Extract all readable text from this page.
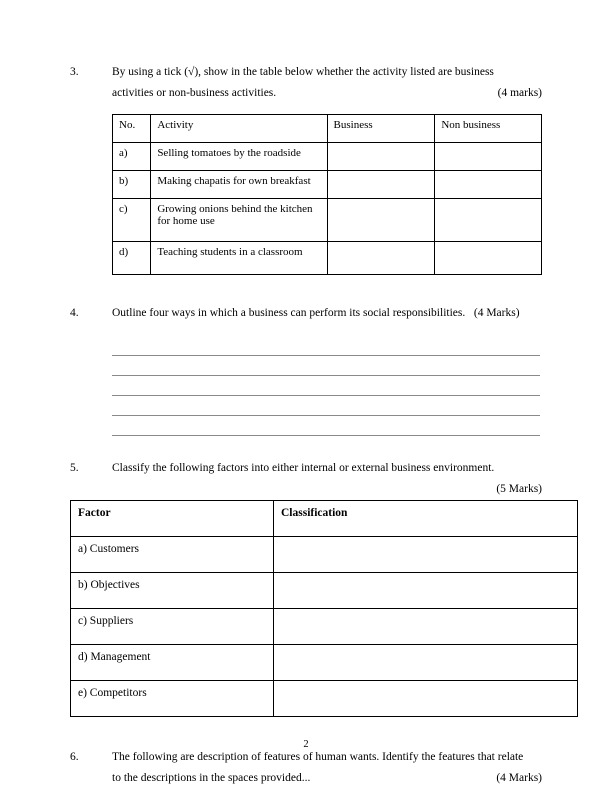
3.	By using a tick (√), show in the table below whether the activity listed are business
activities or non-business activities.	(4 marks)
No.	Activity	Business	Non business
a)	Selling tomatoes by the roadside		
b)	Making chapatis for own breakfast		
c)	Growing onions behind the kitchen for home use		
d)	Teaching students in a classroom		
4.	Outline four ways in which a business can perform its social responsibilities. (4 Marks)
5.	Classify the following factors into either internal or external business environment.
(5 Marks)
Factor	Classification
a) Customers	
b) Objectives	
c) Suppliers	
d) Management	
e) Competitors	
6.	The following are description of features of human wants. Identify the features that relate
to the descriptions in the spaces provided...	(4 Marks)
2
